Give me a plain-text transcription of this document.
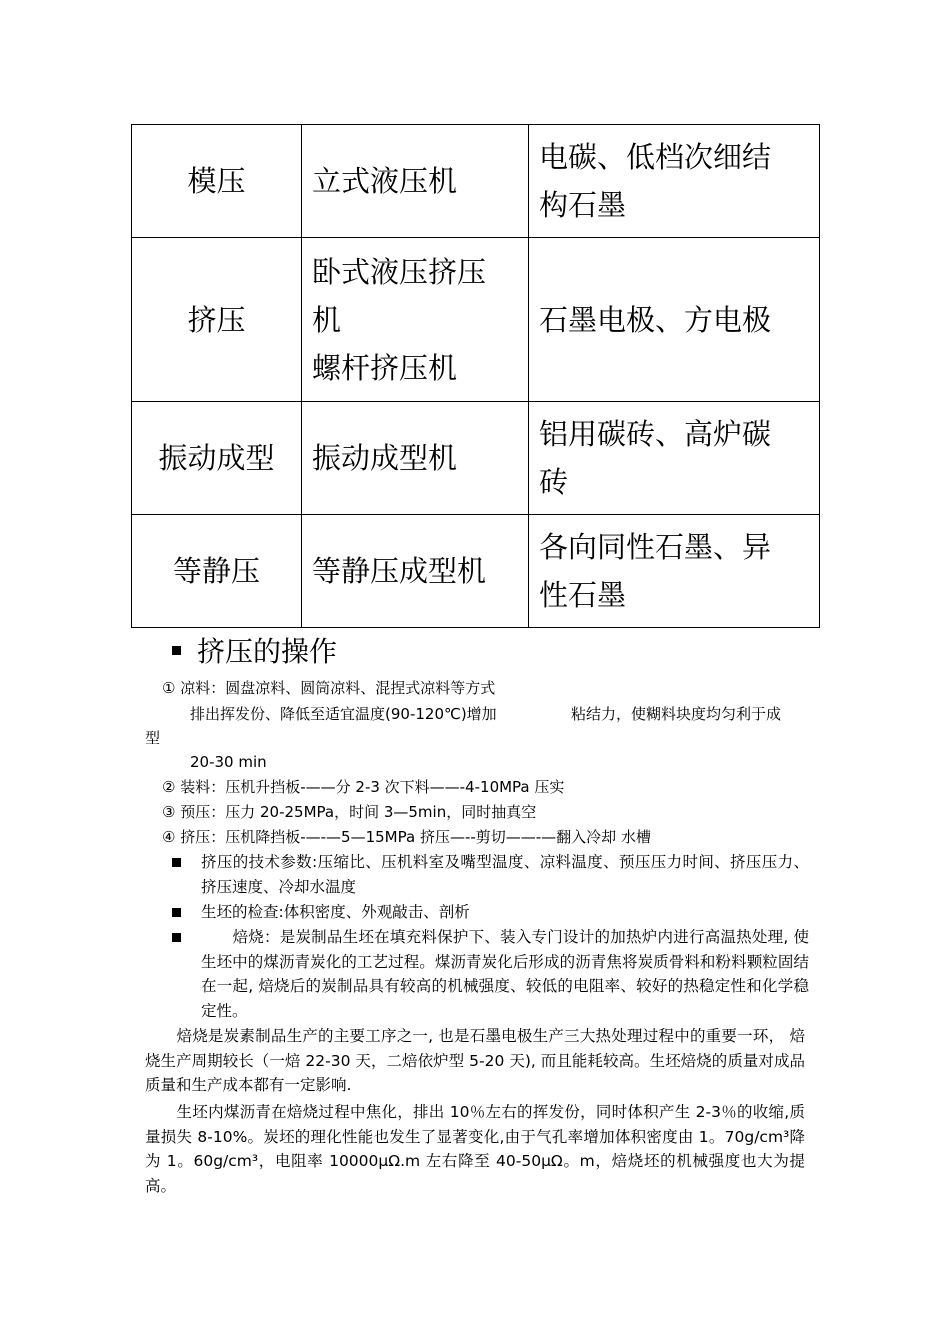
模压	立式液压机	电碳、低档次细结
构石墨

挤压	卧式液压挤压
机
螺杆挤压机	石墨电极、方电极

振动成型	振动成型机	铝用碳砖、高炉碳
砖

等静压	等静压成型机	各向同性石墨、异
性石墨
挤压的操作
① 凉料：圆盘凉料、圆筒凉料、混捏式凉料等方式
排出挥发份、降低至适宜温度(90-120℃)增加	粘结力，使糊料块度均匀利于成
型
20-30 min
② 装料：压机升挡板-——分 2-3 次下料——-4-10MPa 压实
③ 预压：压力 20-25MPa，时间 3—5min，同时抽真空
④ 挤压：压机降挡板-—-—5—15MPa 挤压—--剪切——-—翻入冷却 水槽
挤压的技术参数:压缩比、压机料室及嘴型温度、凉料温度、预压压力时间、挤压压力、挤压速度、冷却水温度
生坯的检查:体积密度、外观敲击、剖析
　　焙烧：是炭制品生坯在填充料保护下、装入专门设计的加热炉内进行高温热处理, 使生坯中的煤沥青炭化的工艺过程。煤沥青炭化后形成的沥青焦将炭质骨料和粉料颗粒固结在一起, 焙烧后的炭制品具有较高的机械强度、较低的电阻率、较好的热稳定性和化学稳定性。
　　焙烧是炭素制品生产的主要工序之一, 也是石墨电极生产三大热处理过程中的重要一环， 焙烧生产周期较长（一焙 22-30 天，二焙依炉型 5-20 天), 而且能耗较高。生坯焙烧的质量对成品质量和生产成本都有一定影响.
　　生坯内煤沥青在焙烧过程中焦化，排出 10％左右的挥发份，同时体积产生 2-3％的收缩,质量损失 8-10%。炭坯的理化性能也发生了显著变化,由于气孔率增加体积密度由 1。70g/cm³降为 1。60g/cm³，电阻率 10000μΩ.m 左右降至 40-50μΩ。m，焙烧坯的机械强度也大为提高。
